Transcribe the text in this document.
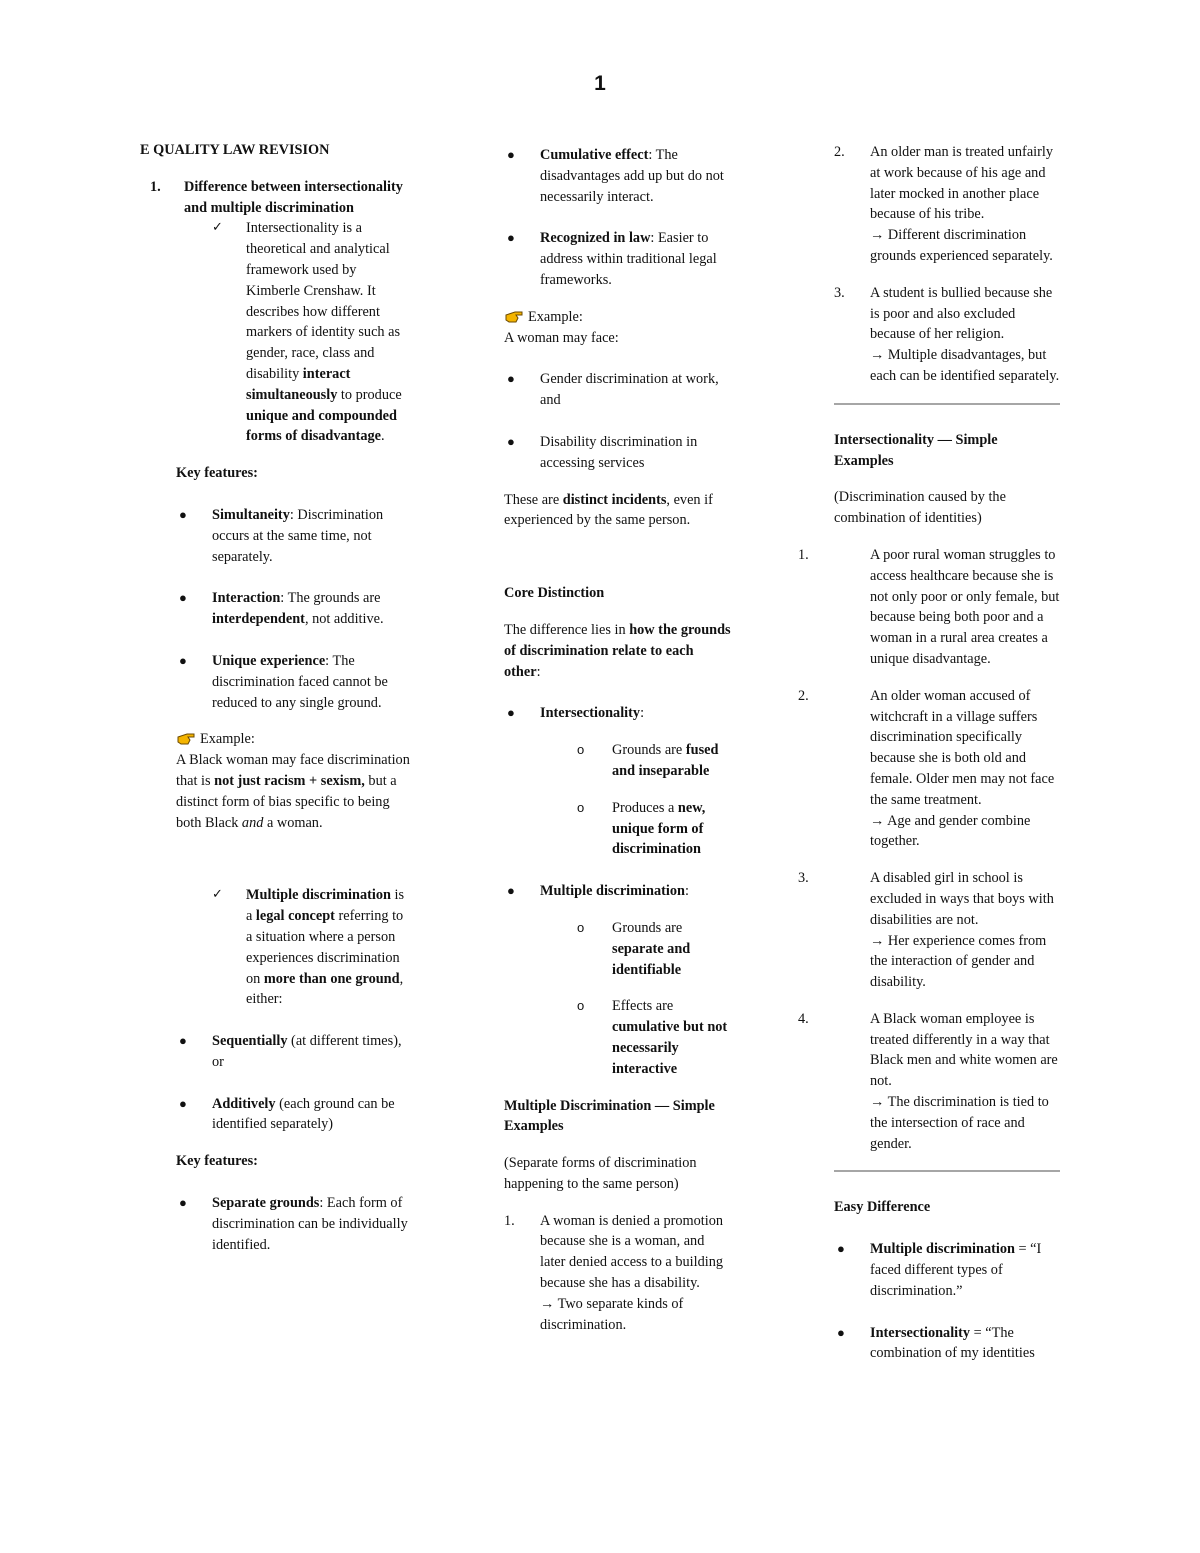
1

E QUALITY LAW REVISION

1. Difference between intersectionality and multiple discrimination
✓ Intersectionality is a theoretical and analytical framework used by Kimberle Crenshaw. It describes how different markers of identity such as gender, race, class and disability interact simultaneously to produce unique and compounded forms of disadvantage.

Key features:

● Simultaneity: Discrimination occurs at the same time, not separately.
● Interaction: The grounds are interdependent, not additive.
● Unique experience: The discrimination faced cannot be reduced to any single ground.

Example:

A Black woman may face discrimination that is not just racism + sexism, but a distinct form of bias specific to being both Black and a woman.

✓ Multiple discrimination is a legal concept referring to a situation where a person experiences discrimination on more than one ground, either:
● Sequentially (at different times), or
● Additively (each ground can be identified separately)

Key features:

● Separate grounds: Each form of discrimination can be individually identified.
● Cumulative effect: The disadvantages add up but do not necessarily interact.
● Recognized in law: Easier to address within traditional legal frameworks.

Example:

A woman may face:

● Gender discrimination at work, and
● Disability discrimination in accessing services

These are distinct incidents, even if experienced by the same person.

Core Distinction

The difference lies in how the grounds of discrimination relate to each other:

● Intersectionality:
o Grounds are fused and inseparable
o Produces a new, unique form of discrimination
● Multiple discrimination:
o Grounds are separate and identifiable
o Effects are cumulative but not necessarily interactive

Multiple Discrimination — Simple Examples

(Separate forms of discrimination happening to the same person)

1. A woman is denied a promotion because she is a woman, and later denied access to a building because she has a disability.
→ Two separate kinds of discrimination.
2. An older man is treated unfairly at work because of his age and later mocked in another place because of his tribe.
→ Different discrimination grounds experienced separately.
3. A student is bullied because she is poor and also excluded because of her religion.
→ Multiple disadvantages, but each can be identified separately.

Intersectionality — Simple Examples

(Discrimination caused by the combination of identities)

1.	A poor rural woman struggles to access healthcare because she is not only poor or only female, but because being both poor and a woman in a rural area creates a unique disadvantage.
2.	An older woman accused of witchcraft in a village suffers discrimination specifically because she is both old and female. Older men may not face the same treatment.
→ Age and gender combine together.
3.	A disabled girl in school is excluded in ways that boys with disabilities are not.
→ Her experience comes from the interaction of gender and disability.
4.	A Black woman employee is treated differently in a way that Black men and white women are not.
→ The discrimination is tied to the intersection of race and gender.

Easy Difference

● Multiple discrimination = “I faced different types of discrimination.”
● Intersectionality = “The combination of my identities
